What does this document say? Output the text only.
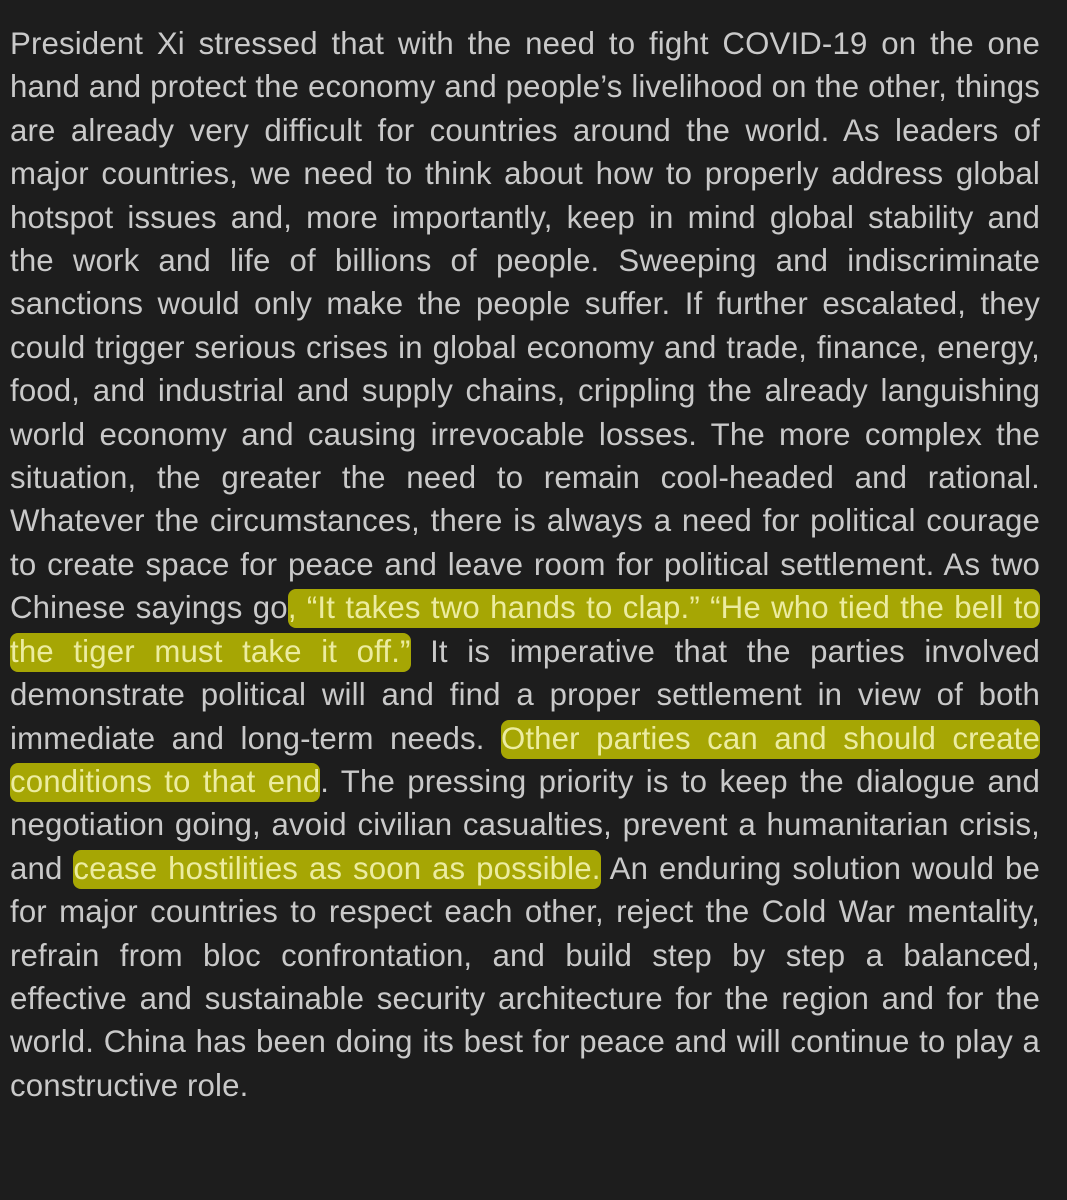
President Xi stressed that with the need to fight COVID-19 on the one hand and protect the economy and people’s livelihood on the other, things are already very difficult for countries around the world. As leaders of major countries, we need to think about how to properly address global hotspot issues and, more importantly, keep in mind global stability and the work and life of billions of people. Sweeping and indiscriminate sanctions would only make the people suffer. If further escalated, they could trigger serious crises in global economy and trade, finance, energy, food, and industrial and supply chains, crippling the already languishing world economy and causing irrevocable losses. The more complex the situation, the greater the need to remain cool-headed and rational. Whatever the circumstances, there is always a need for political courage to create space for peace and leave room for political settlement. As two Chinese sayings go, “It takes two hands to clap.” “He who tied the bell to the tiger must take it off.” It is imperative that the parties involved demonstrate political will and find a proper settlement in view of both immediate and long-term needs. Other parties can and should create conditions to that end. The pressing priority is to keep the dialogue and negotiation going, avoid civilian casualties, prevent a humanitarian crisis, and cease hostilities as soon as possible. An enduring solution would be for major countries to respect each other, reject the Cold War mentality, refrain from bloc confrontation, and build step by step a balanced, effective and sustainable security architecture for the region and for the world. China has been doing its best for peace and will continue to play a constructive role.
